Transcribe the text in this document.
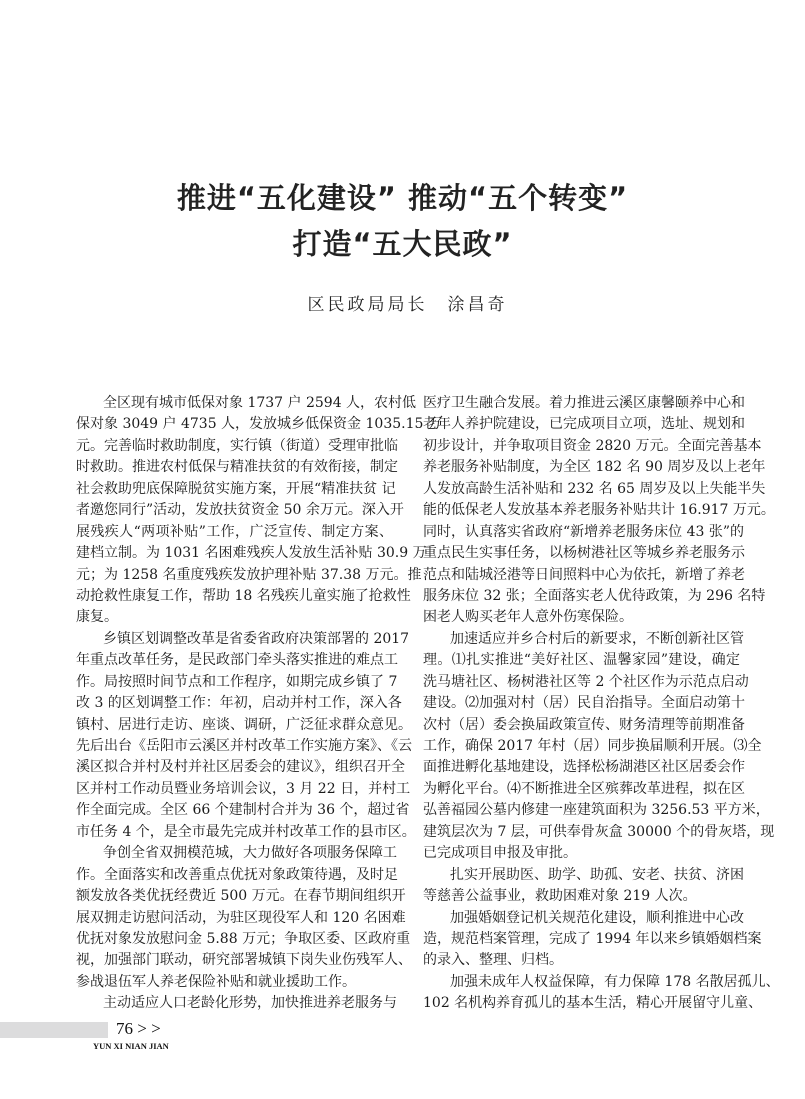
推进“五化建设” 推动“五个转变”
打造“五大民政”
区民政局局长　涂昌奇
全区现有城市低保对象 1737 户 2594 人，农村低
保对象 3049 户 4735 人，发放城乡低保资金 1035.15 万
元。完善临时救助制度，实行镇（街道）受理审批临
时救助。推进农村低保与精准扶贫的有效衔接，制定
社会救助兜底保障脱贫实施方案，开展“精准扶贫 记
者邀您同行”活动，发放扶贫资金 50 余万元。深入开
展残疾人“两项补贴”工作，广泛宣传、制定方案、
建档立制。为 1031 名困难残疾人发放生活补贴 30.9 万
元；为 1258 名重度残疾发放护理补贴 37.38 万元。推
动抢救性康复工作，帮助 18 名残疾儿童实施了抢救性
康复。
乡镇区划调整改革是省委省政府决策部署的 2017
年重点改革任务，是民政部门牵头落实推进的难点工
作。局按照时间节点和工作程序，如期完成乡镇了 7
改 3 的区划调整工作：年初，启动并村工作，深入各
镇村、居进行走访、座谈、调研，广泛征求群众意见。
先后出台《岳阳市云溪区并村改革工作实施方案》、《云
溪区拟合并村及村并社区居委会的建议》，组织召开全
区并村工作动员暨业务培训会议，3 月 22 日，并村工
作全面完成。全区 66 个建制村合并为 36 个，超过省
市任务 4 个，是全市最先完成并村改革工作的县市区。
争创全省双拥模范城，大力做好各项服务保障工
作。全面落实和改善重点优抚对象政策待遇，及时足
额发放各类优抚经费近 500 万元。在春节期间组织开
展双拥走访慰问活动，为驻区现役军人和 120 名困难
优抚对象发放慰问金 5.88 万元；争取区委、区政府重
视，加强部门联动，研究部署城镇下岗失业伤残军人、
参战退伍军人养老保险补贴和就业援助工作。
主动适应人口老龄化形势，加快推进养老服务与
医疗卫生融合发展。着力推进云溪区康馨颐养中心和
老年人养护院建设，已完成项目立项，选址、规划和
初步设计，并争取项目资金 2820 万元。全面完善基本
养老服务补贴制度，为全区 182 名 90 周岁及以上老年
人发放高龄生活补贴和 232 名 65 周岁及以上失能半失
能的低保老人发放基本养老服务补贴共计 16.917 万元。
同时，认真落实省政府“新增养老服务床位 43 张”的
重点民生实事任务，以杨树港社区等城乡养老服务示
范点和陆城泾港等日间照料中心为依托，新增了养老
服务床位 32 张；全面落实老人优待政策，为 296 名特
困老人购买老年人意外伤寒保险。
加速适应并乡合村后的新要求，不断创新社区管
理。⑴扎实推进“美好社区、温馨家园”建设，确定
洗马塘社区、杨树港社区等 2 个社区作为示范点启动
建设。⑵加强对村（居）民自治指导。全面启动第十
次村（居）委会换届政策宣传、财务清理等前期准备
工作，确保 2017 年村（居）同步换届顺利开展。⑶全
面推进孵化基地建设，选择松杨湖港区社区居委会作
为孵化平台。⑷不断推进全区殡葬改革进程，拟在区
弘善福园公墓内修建一座建筑面积为 3256.53 平方米，
建筑层次为 7 层，可供奉骨灰盒 30000 个的骨灰塔，现
已完成项目申报及审批。
扎实开展助医、助学、助孤、安老、扶贫、济困
等慈善公益事业，救助困难对象 219 人次。
加强婚姻登记机关规范化建设，顺利推进中心改
造，规范档案管理，完成了 1994 年以来乡镇婚姻档案
的录入、整理、归档。
加强未成年人权益保障，有力保障 178 名散居孤儿、
102 名机构养育孤儿的基本生活，精心开展留守儿童、
76 > >
YUN XI NIAN JIAN
